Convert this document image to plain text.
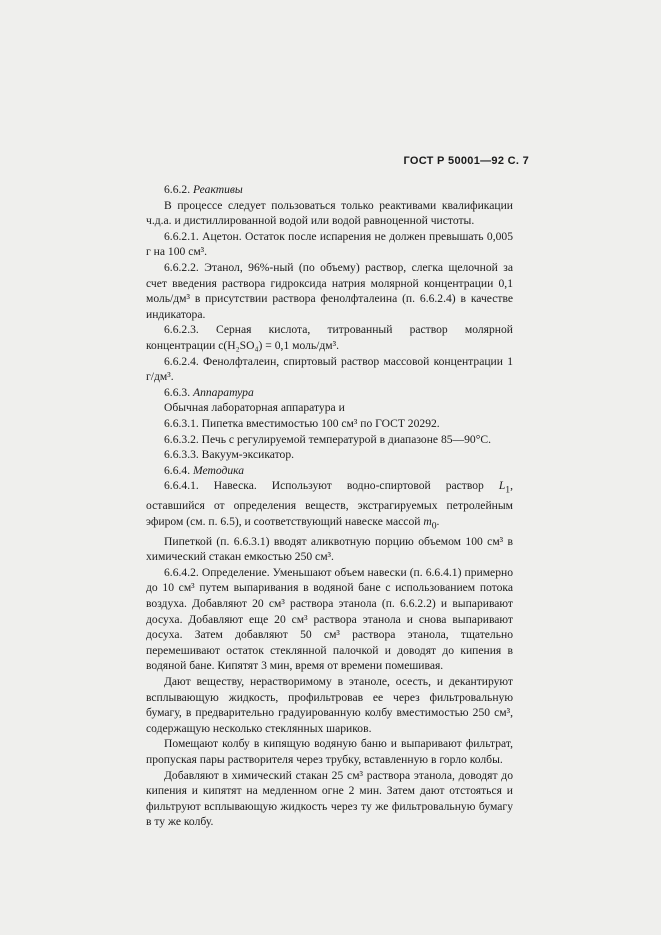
ГОСТ Р 50001—92 С. 7

6.6.2. Реактивы

В процессе следует пользоваться только реактивами квалификации ч.д.а. и дистиллированной водой или водой равноценной чистоты.

6.6.2.1. Ацетон. Остаток после испарения не должен превышать 0,005 г на 100 см³.

6.6.2.2. Этанол, 96%-ный (по объему) раствор, слегка щелочной за счет введения раствора гидроксида натрия молярной концентрации 0,1 моль/дм³ в присутствии раствора фенолфталеина (п. 6.6.2.4) в качестве индикатора.

6.6.2.3. Серная кислота, титрованный раствор молярной концентрации c(H₂SO₄) = 0,1 моль/дм³.

6.6.2.4. Фенолфталеин, спиртовый раствор массовой концентрации 1 г/дм³.

6.6.3. Аппаратура

Обычная лабораторная аппаратура и

6.6.3.1. Пипетка вместимостью 100 см³ по ГОСТ 20292.

6.6.3.2. Печь с регулируемой температурой в диапазоне 85—90°С.

6.6.3.3. Вакуум-эксикатор.

6.6.4. Методика

6.6.4.1. Навеска. Используют водно-спиртовой раствор $L_1$, оставшийся от определения веществ, экстрагируемых петролейным эфиром (см. п. 6.5), и соответствующий навеске массой $m_0$.

Пипеткой (п. 6.6.3.1) вводят аликвотную порцию объемом 100 см³ в химический стакан емкостью 250 см³.

6.6.4.2. Определение. Уменьшают объем навески (п. 6.6.4.1) примерно до 10 см³ путем выпаривания в водяной бане с использованием потока воздуха. Добавляют 20 см³ раствора этанола (п. 6.6.2.2) и выпаривают досуха. Добавляют еще 20 см³ раствора этанола и снова выпаривают досуха. Затем добавляют 50 см³ раствора этанола, тщательно перемешивают остаток стеклянной палочкой и доводят до кипения в водяной бане. Кипятят 3 мин, время от времени помешивая.

Дают веществу, нерастворимому в этаноле, осесть, и декантируют всплывающую жидкость, профильтровав ее через фильтровальную бумагу, в предварительно градуированную колбу вместимостью 250 см³, содержащую несколько стеклянных шариков.

Помещают колбу в кипящую водяную баню и выпаривают фильтрат, пропуская пары растворителя через трубку, вставленную в горло колбы.

Добавляют в химический стакан 25 см³ раствора этанола, доводят до кипения и кипятят на медленном огне 2 мин. Затем дают отстояться и фильтруют всплывающую жидкость через ту же фильтровальную бумагу в ту же колбу.
